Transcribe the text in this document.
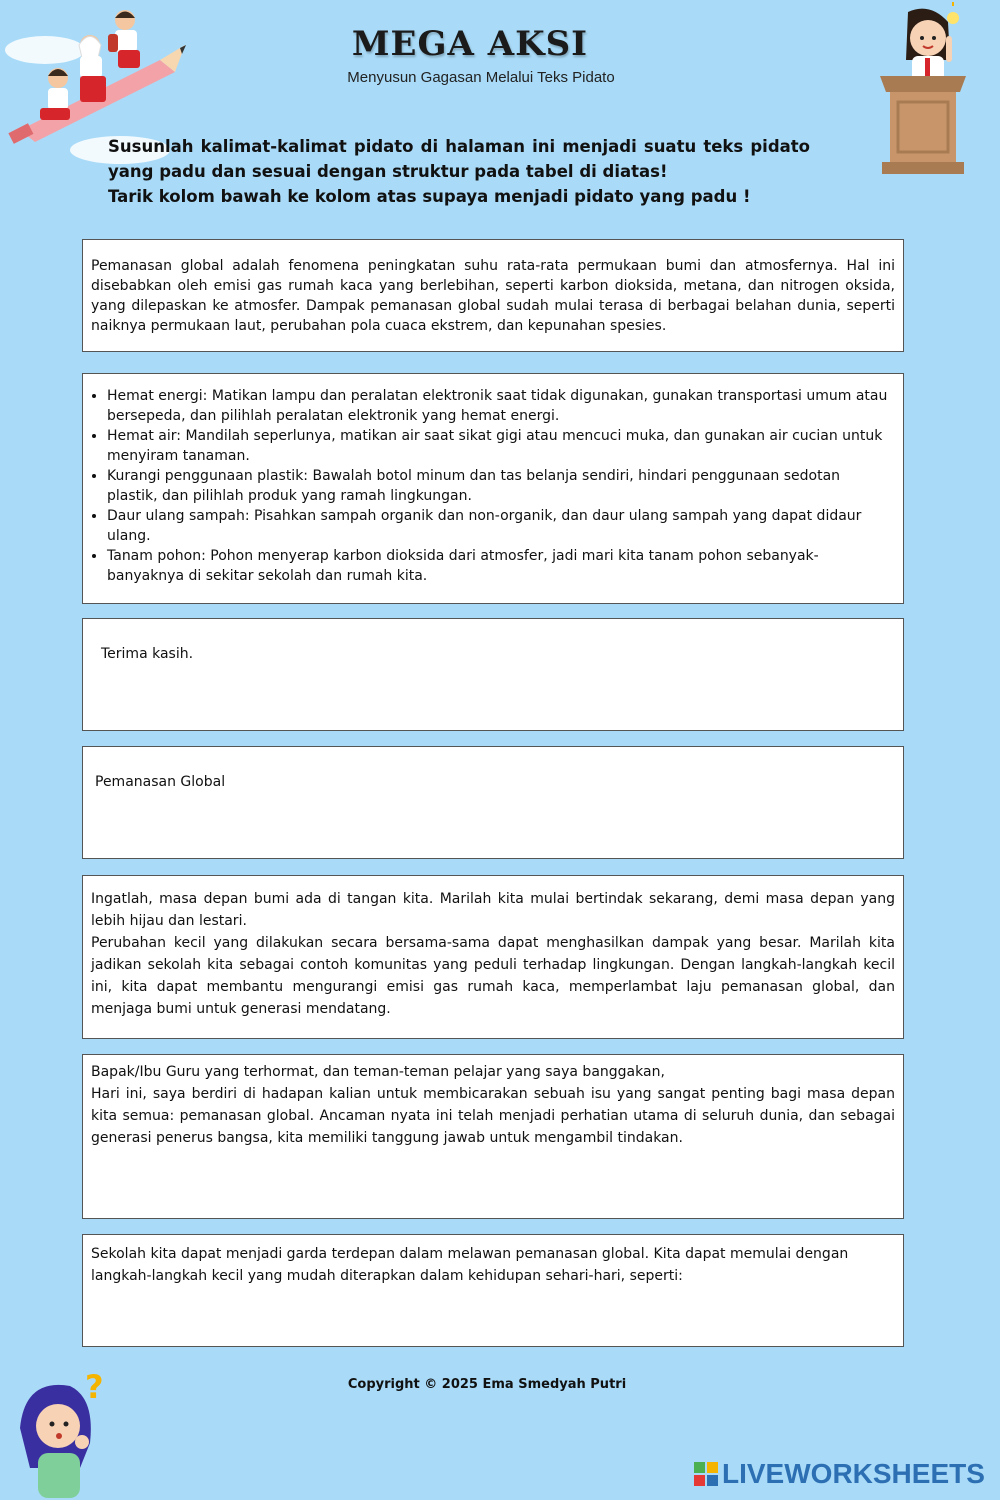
?
MEGA AKSI
Menyusun Gagasan Melalui Teks Pidato
Susunlah kalimat-kalimat pidato di halaman ini menjadi suatu teks pidato
yang padu dan sesuai dengan struktur pada tabel di diatas!
Tarik kolom bawah ke kolom atas supaya menjadi pidato yang padu !

Pemanasan global adalah fenomena peningkatan suhu rata-rata permukaan bumi dan atmosfernya. Hal ini disebabkan oleh emisi gas rumah kaca yang berlebihan, seperti karbon dioksida, metana, dan nitrogen oksida, yang dilepaskan ke atmosfer. Dampak pemanasan global sudah mulai terasa di berbagai belahan dunia, seperti naiknya permukaan laut, perubahan pola cuaca ekstrem, dan kepunahan spesies.

• Hemat energi: Matikan lampu dan peralatan elektronik saat tidak digunakan, gunakan transportasi umum atau bersepeda, dan pilihlah peralatan elektronik yang hemat energi.
• Hemat air: Mandilah seperlunya, matikan air saat sikat gigi atau mencuci muka, dan gunakan air cucian untuk menyiram tanaman.
• Kurangi penggunaan plastik: Bawalah botol minum dan tas belanja sendiri, hindari penggunaan sedotan plastik, dan pilihlah produk yang ramah lingkungan.
• Daur ulang sampah: Pisahkan sampah organik dan non-organik, dan daur ulang sampah yang dapat didaur ulang.
• Tanam pohon: Pohon menyerap karbon dioksida dari atmosfer, jadi mari kita tanam pohon sebanyak-banyaknya di sekitar sekolah dan rumah kita.

Terima kasih.

Pemanasan Global

Ingatlah, masa depan bumi ada di tangan kita. Marilah kita mulai bertindak sekarang, demi masa depan yang lebih hijau dan lestari.

Perubahan kecil yang dilakukan secara bersama-sama dapat menghasilkan dampak yang besar. Marilah kita jadikan sekolah kita sebagai contoh komunitas yang peduli terhadap lingkungan. Dengan langkah-langkah kecil ini, kita dapat membantu mengurangi emisi gas rumah kaca, memperlambat laju pemanasan global, dan menjaga bumi untuk generasi mendatang.

Bapak/Ibu Guru yang terhormat, dan teman-teman pelajar yang saya banggakan,

Hari ini, saya berdiri di hadapan kalian untuk membicarakan sebuah isu yang sangat penting bagi masa depan kita semua: pemanasan global. Ancaman nyata ini telah menjadi perhatian utama di seluruh dunia, dan sebagai generasi penerus bangsa, kita memiliki tanggung jawab untuk mengambil tindakan.

Sekolah kita dapat menjadi garda terdepan dalam melawan pemanasan global. Kita dapat memulai dengan langkah-langkah kecil yang mudah diterapkan dalam kehidupan sehari-hari, seperti:

Copyright © 2025 Ema Smedyah Putri
LIVEWORKSHEETS
